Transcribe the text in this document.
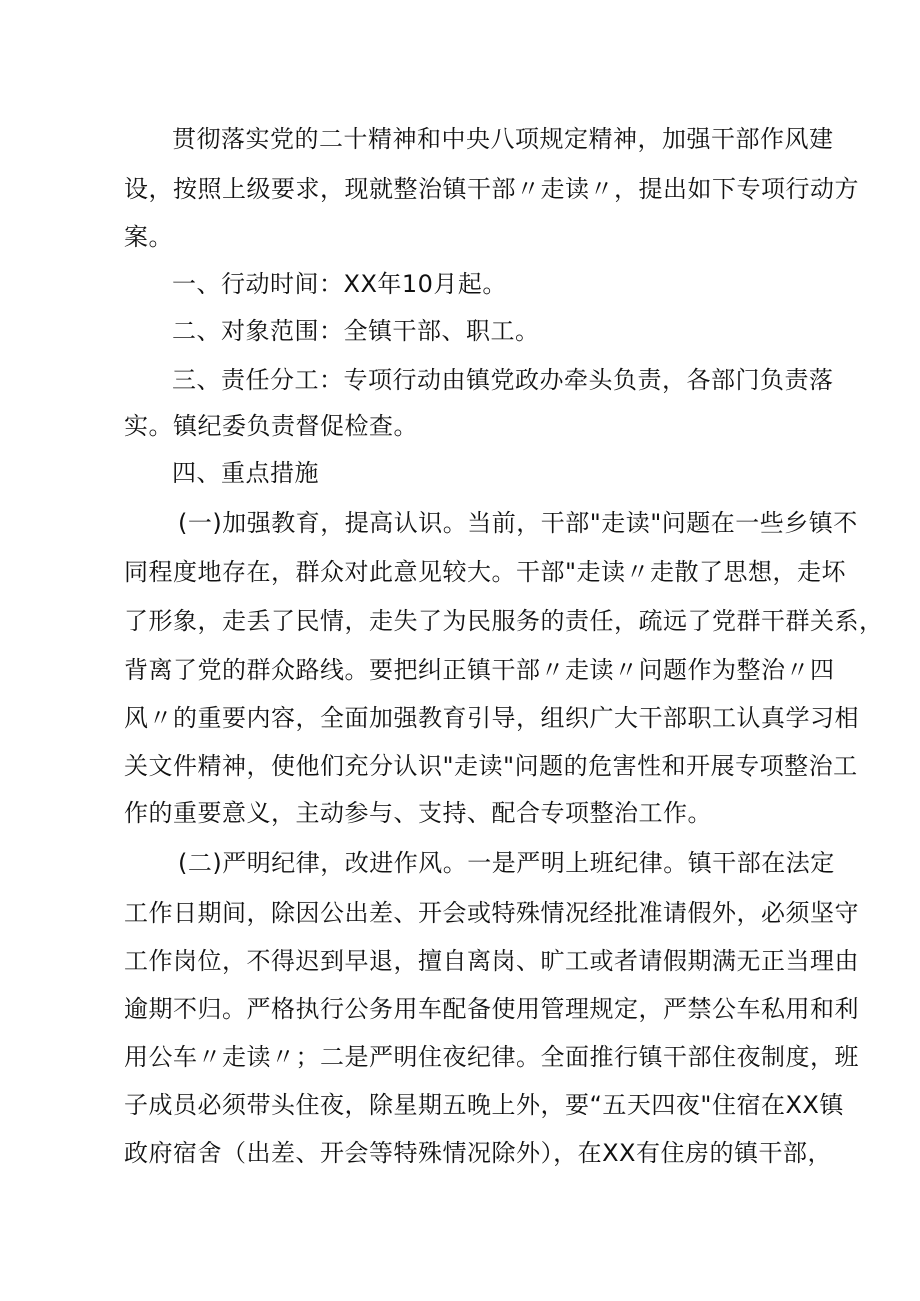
贯彻落实党的二十精神和中央八项规定精神，加强干部作风建

设，按照上级要求，现就整治镇干部〃走读〃，提出如下专项行动方

案。

一、行动时间：XX年10月起。

二、对象范围：全镇干部、职工。

三、责任分工：专项行动由镇党政办牵头负责，各部门负责落

实。镇纪委负责督促检查。

四、重点措施

(一)加强教育，提高认识。当前，干部"走读"问题在一些乡镇不

同程度地存在，群众对此意见较大。干部"走读〃走散了思想，走坏

了形象，走丢了民情，走失了为民服务的责任，疏远了党群干群关系，

背离了党的群众路线。要把纠正镇干部〃走读〃问题作为整治〃四

风〃的重要内容，全面加强教育引导，组织广大干部职工认真学习相

关文件精神，使他们充分认识"走读"问题的危害性和开展专项整治工

作的重要意义，主动参与、支持、配合专项整治工作。

(二)严明纪律，改进作风。一是严明上班纪律。镇干部在法定

工作日期间，除因公出差、开会或特殊情况经批准请假外，必须坚守

工作岗位，不得迟到早退，擅自离岗、旷工或者请假期满无正当理由

逾期不归。严格执行公务用车配备使用管理规定，严禁公车私用和利

用公车〃走读〃；二是严明住夜纪律。全面推行镇干部住夜制度，班

子成员必须带头住夜，除星期五晚上外，要“五天四夜"住宿在XX镇

政府宿舍（出差、开会等特殊情况除外），在XX有住房的镇干部，
